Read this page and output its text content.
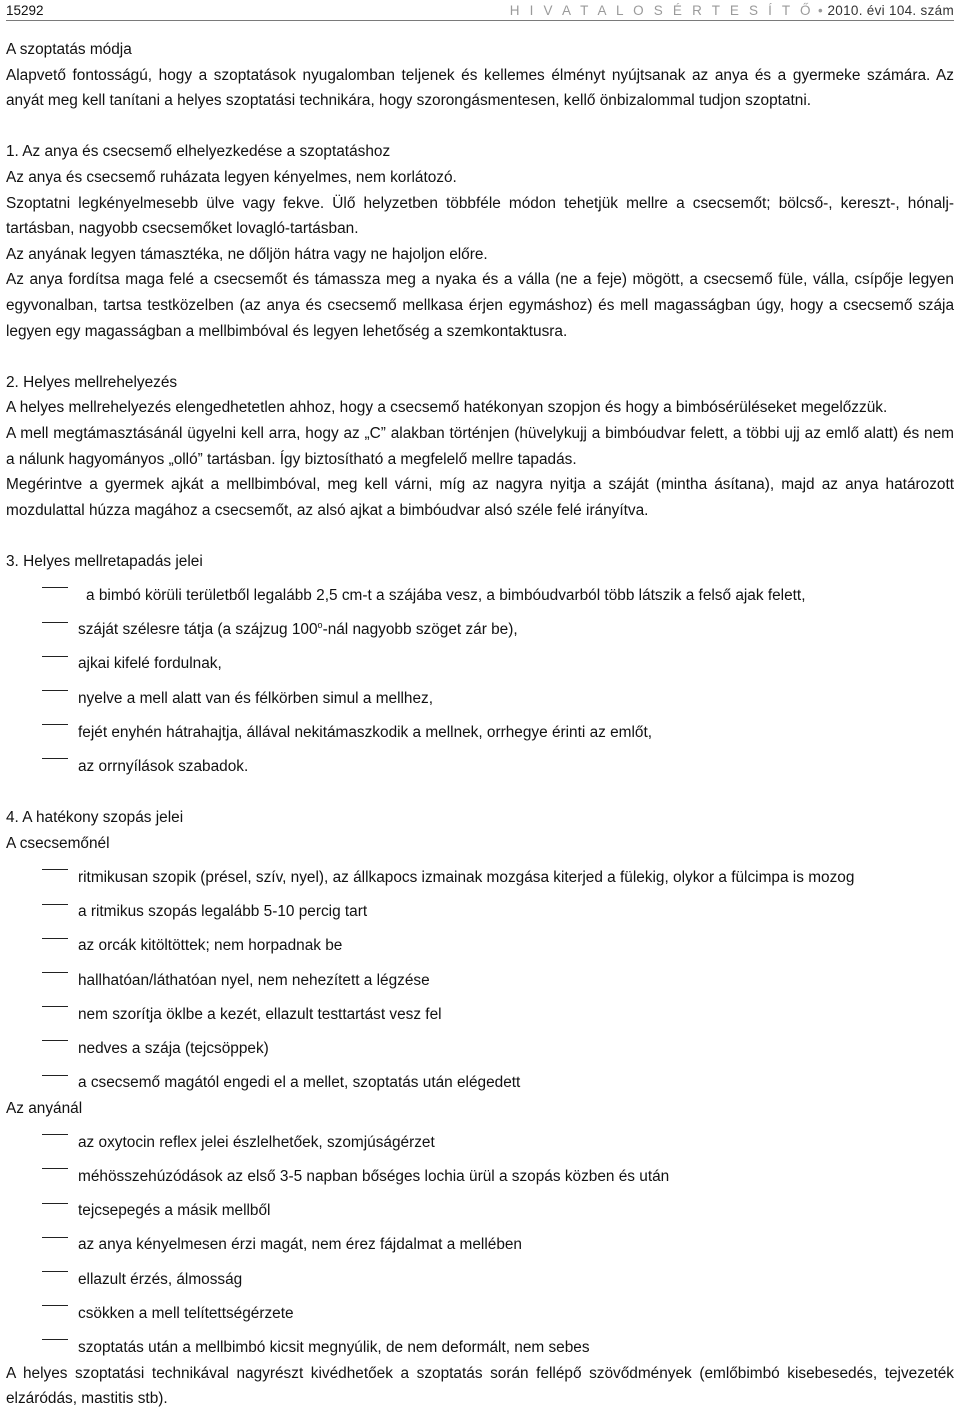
15292	H I V A T A L O S É R T E S Í T Ő • 2010. évi 104. szám

A szoptatás módja

Alapvető fontosságú, hogy a szoptatások nyugalomban teljenek és kellemes élményt nyújtsanak az anya és a gyermeke számára. Az anyát meg kell tanítani a helyes szoptatási technikára, hogy szorongásmentesen, kellő önbizalommal tudjon szoptatni.

1. Az anya és csecsemő elhelyezkedése a szoptatáshoz

Az anya és csecsemő ruházata legyen kényelmes, nem korlátozó.

Szoptatni legkényelmesebb ülve vagy fekve. Ülő helyzetben többféle módon tehetjük mellre a csecsemőt; bölcső-, kereszt-, hónalj-tartásban, nagyobb csecsemőket lovagló-tartásban.

Az anyának legyen támasztéka, ne dőljön hátra vagy ne hajoljon előre.

Az anya fordítsa maga felé a csecsemőt és támassza meg a nyaka és a válla (ne a feje) mögött, a csecsemő füle, válla, csípője legyen egyvonalban, tartsa testközelben (az anya és csecsemő mellkasa érjen egymáshoz) és mell magasságban úgy, hogy a csecsemő szája legyen egy magasságban a mellbimbóval és legyen lehetőség a szemkontaktusra.

2. Helyes mellrehelyezés

A helyes mellrehelyezés elengedhetetlen ahhoz, hogy a csecsemő hatékonyan szopjon és hogy a bimbósérüléseket megelőzzük.

A mell megtámasztásánál ügyelni kell arra, hogy az „C” alakban történjen (hüvelykujj a bimbóudvar felett, a többi ujj az emlő alatt) és nem a nálunk hagyományos „olló” tartásban. Így biztosítható a megfelelő mellre tapadás.

Megérintve a gyermek ajkát a mellbimbóval, meg kell várni, míg az nagyra nyitja a száját (mintha ásítana), majd az anya határozott mozdulattal húzza magához a csecsemőt, az alsó ajkat a bimbóudvar alsó széle felé irányítva.

3. Helyes mellretapadás jelei

a bimbó körüli területből legalább 2,5 cm-t a szájába vesz, a bimbóudvarból több látszik a felső ajak felett,
száját szélesre tátja (a szájzug 100$^o$-nál nagyobb szöget zár be),
ajkai kifelé fordulnak,
nyelve a mell alatt van és félkörben simul a mellhez,
fejét enyhén hátrahajtja, állával nekitámaszkodik a mellnek, orrhegye érinti az emlőt,
az orrnyílások szabadok.

4. A hatékony szopás jelei

A csecsemőnél

ritmikusan szopik (présel, szív, nyel), az állkapocs izmainak mozgása kiterjed a fülekig, olykor a fülcimpa is mozog
a ritmikus szopás legalább 5-10 percig tart
az orcák kitöltöttek; nem horpadnak be
hallhatóan/láthatóan nyel, nem nehezített a légzése
nem szorítja öklbe a kezét, ellazult testtartást vesz fel
nedves a szája (tejcsöppek)
a csecsemő magától engedi el a mellet, szoptatás után elégedett

Az anyánál

az oxytocin reflex jelei észlelhetőek, szomjúságérzet
méhösszehúzódások az első 3-5 napban bőséges lochia ürül a szopás közben és után
tejcsepegés a másik mellből
az anya kényelmesen érzi magát, nem érez fájdalmat a mellében
ellazult érzés, álmosság
csökken a mell telítettségérzete
szoptatás után a mellbimbó kicsit megnyúlik, de nem deformált, nem sebes

A helyes szoptatási technikával nagyrészt kivédhetőek a szoptatás során fellépő szövődmények (emlőbimbó kisebesedés, tejvezeték elzáródás, mastitis stb).
